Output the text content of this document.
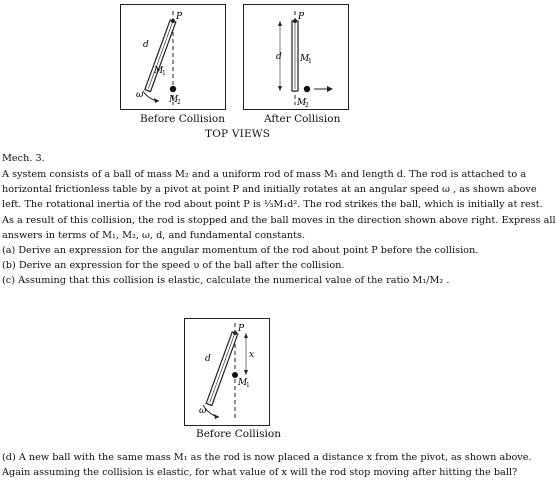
P
d
M
1
M
2
ω
P
d M
1
M
2
Before Collision	After Collision
TOP VIEWS
Mech. 3.
A system consists of a ball of mass M₂ and a uniform rod of mass M₁ and length d. The rod is attached to a
horizontal frictionless table by a pivot at point P and initially rotates at an angular speed ω , as shown above
left. The rotational inertia of the rod about point P is ⅓M₁d². The rod strikes the ball, which is initially at rest.
As a result of this collision, the rod is stopped and the ball moves in the direction shown above right. Express all
answers in terms of M₁, M₂, ω, d, and fundamental constants.
(a) Derive an expression for the angular momentum of the rod about point P before the collision.
(b) Derive an expression for the speed υ of the ball after the collision.
(c) Assuming that this collision is elastic, calculate the numerical value of the ratio M₁/M₂ .
P
d	x
M
1
ω
Before Collision
(d) A new ball with the same mass M₁ as the rod is now placed a distance x from the pivot, as shown above.
Again assuming the collision is elastic, for what value of x will the rod stop moving after hitting the ball?
